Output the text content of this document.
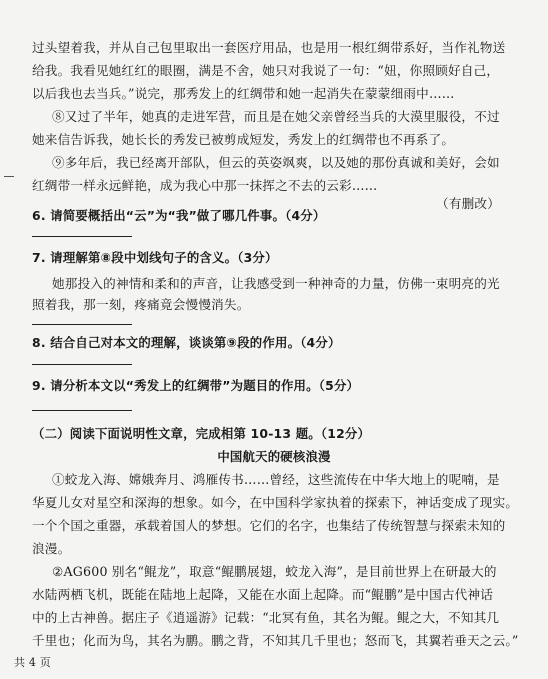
过头望着我，并从自己包里取出一套医疗用品，也是用一根红绸带系好，当作礼物送
给我。我看见她红红的眼圈，满是不舍，她只对我说了一句：“妞，你照顾好自己，
以后我也去当兵。”说完，那秀发上的红绸带和她一起消失在蒙蒙细雨中……
⑧又过了半年，她真的走进军营，而且是在她父亲曾经当兵的大漠里服役，不过
她来信告诉我，她长长的秀发已被剪成短发，秀发上的红绸带也不再系了。
⑨多年后，我已经离开部队，但云的英姿飒爽，以及她的那份真诚和美好，会如
红绸带一样永远鲜艳，成为我心中那一抹挥之不去的云彩……
（有删改）
6. 请简要概括出“云”为“我”做了哪几件事。（4分）
7. 请理解第⑧段中划线句子的含义。（3分）
她那投入的神情和柔和的声音，让我感受到一种神奇的力量，仿佛一束明亮的光
照着我，那一刻，疼痛竟会慢慢消失。
8. 结合自己对本文的理解，谈谈第⑨段的作用。（4分）
9. 请分析本文以“秀发上的红绸带”为题目的作用。（5分）
（二）阅读下面说明性文章，完成相第 10-13 题。（12分）
中国航天的硬核浪漫
①蛟龙入海、嫦娥奔月、鸿雁传书……曾经，这些流传在中华大地上的呢喃，是
华夏儿女对星空和深海的想象。如今，在中国科学家执着的探索下，神话变成了现实。
一个个国之重器，承载着国人的梦想。它们的名字，也集结了传统智慧与探索未知的
浪漫。
②AG600 别名“鲲龙”，取意“鲲鹏展翅，蛟龙入海”，是目前世界上在研最大的
水陆两栖飞机，既能在陆地上起降，又能在水面上起降。而“鲲鹏”是中国古代神话
中的上古神兽。据庄子《逍遥游》记载：“北冥有鱼，其名为鲲。鲲之大，不知其几
千里也；化而为鸟，其名为鹏。鹏之背，不知其几千里也；怒而飞，其翼若垂天之云。”
共 4 页
